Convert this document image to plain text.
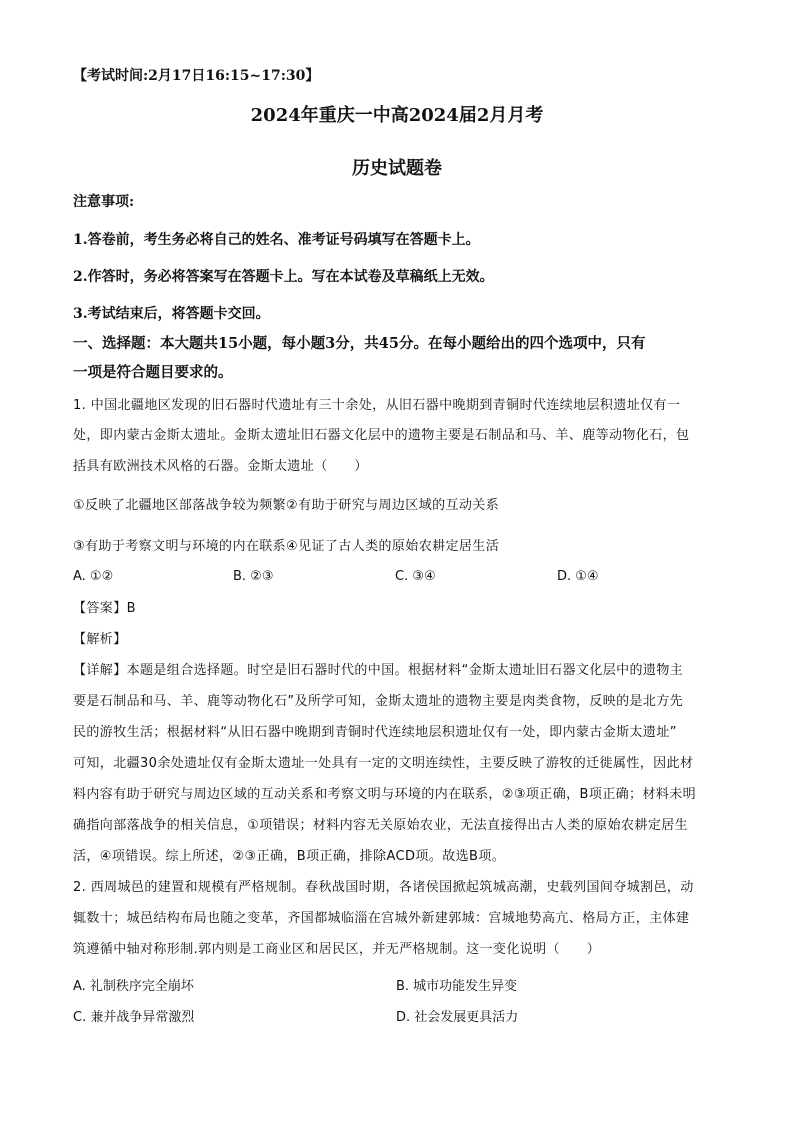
【考试时间:2月17日16:15~17:30】
2024年重庆一中高2024届2月月考
历史试题卷
注意事项:
1.答卷前，考生务必将自己的姓名、准考证号码填写在答题卡上。
2.作答时，务必将答案写在答题卡上。写在本试卷及草稿纸上无效。
3.考试结束后，将答题卡交回。
一、选择题：本大题共15小题，每小题3分，共45分。在每小题给出的四个选项中，只有
一项是符合题目要求的。
1. 中国北疆地区发现的旧石器时代遗址有三十余处，从旧石器中晚期到青铜时代连续地层积遗址仅有一
处，即内蒙古金斯太遗址。金斯太遗址旧石器文化层中的遗物主要是石制品和马、羊、鹿等动物化石，包
括具有欧洲技术风格的石器。金斯太遗址（　　）
①反映了北疆地区部落战争较为频繁②有助于研究与周边区域的互动关系
③有助于考察文明与环境的内在联系④见证了古人类的原始农耕定居生活
A. ①②	B. ②③	C. ③④	D. ①④
【答案】B
【解析】
【详解】本题是组合选择题。时空是旧石器时代的中国。根据材料“金斯太遗址旧石器文化层中的遗物主
要是石制品和马、羊、鹿等动物化石”及所学可知，金斯太遗址的遗物主要是肉类食物，反映的是北方先
民的游牧生活；根据材料“从旧石器中晚期到青铜时代连续地层积遗址仅有一处，即内蒙古金斯太遗址”
可知，北疆30余处遗址仅有金斯太遗址一处具有一定的文明连续性，主要反映了游牧的迁徙属性，因此材
料内容有助于研究与周边区域的互动关系和考察文明与环境的内在联系，②③项正确，B项正确；材料未明
确指向部落战争的相关信息，①项错误；材料内容无关原始农业，无法直接得出古人类的原始农耕定居生
活，④项错误。综上所述，②③正确，B项正确，排除ACD项。故选B项。
2. 西周城邑的建置和规模有严格规制。春秋战国时期，各诸侯国掀起筑城高潮，史载列国间夺城割邑，动
辄数十；城邑结构布局也随之变革，齐国都城临淄在宫城外新建郭城：宫城地势高亢、格局方正，主体建
筑遵循中轴对称形制.郭内则是工商业区和居民区，并无严格规制。这一变化说明（　　）
A. 礼制秩序完全崩坏	B. 城市功能发生异变
C. 兼并战争异常激烈	D. 社会发展更具活力
